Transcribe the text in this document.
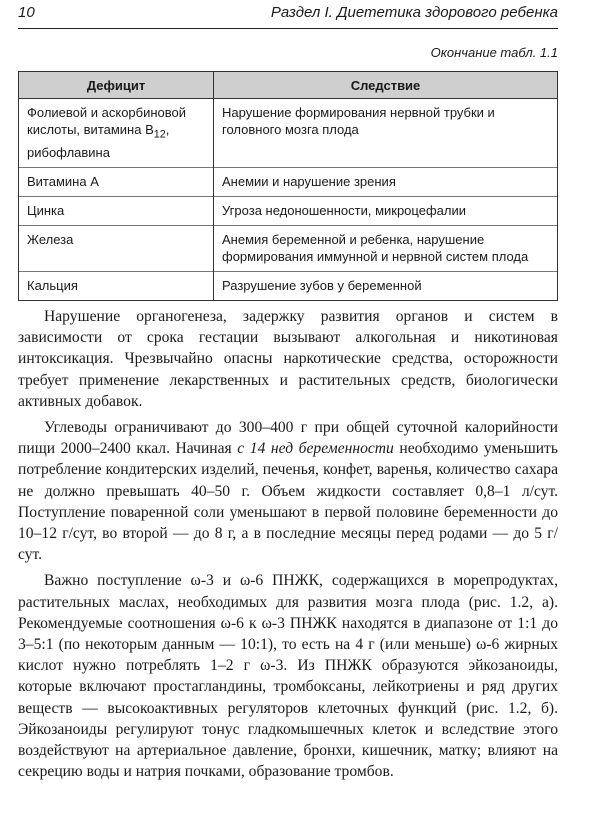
10	Раздел I. Диететика здорового ребенка
Окончание табл. 1.1
Дефицит	Следствие
Фолиевой и аскорбиновой кислоты, витамина $B_{12}$, рибофлавина	Нарушение формирования нервной трубки и головного мозга плода
Витамина А	Анемии и нарушение зрения
Цинка	Угроза недоношенности, микроцефалии
Железа	Анемия беременной и ребенка, нарушение формирования иммунной и нервной систем плода
Кальция	Разрушение зубов у беременной

Нарушение органогенеза, задержку развития органов и систем в зависимости от срока гестации вызывают алкогольная и никотиновая интоксикация. Чрезвычайно опасны наркотические средства, осторожности требует применение лекарственных и растительных средств, биологически активных добавок.

Углеводы ограничивают до 300–400 г при общей суточной калорийности пищи 2000–2400 ккал. Начиная с 14 нед беременности необходимо уменьшить потребление кондитерских изделий, печенья, конфет, варенья, количество сахара не должно превышать 40–50 г. Объем жидкости составляет 0,8–1 л/сут. Поступление поваренной соли уменьшают в первой половине беременности до 10–12 г/сут, во второй — до 8 г, а в последние месяцы перед родами — до 5 г/сут.

Важно поступление ω-3 и ω-6 ПНЖК, содержащихся в морепродуктах, растительных маслах, необходимых для развития мозга плода (рис. 1.2, а). Рекомендуемые соотношения ω-6 к ω-3 ПНЖК находятся в диапазоне от 1:1 до 3–5:1 (по некоторым данным — 10:1), то есть на 4 г (или меньше) ω-6 жирных кислот нужно потреблять 1–2 г ω-3. Из ПНЖК образуются эйкозаноиды, которые включают простагландины, тромбоксаны, лейкотриены и ряд других веществ — высокоактивных регуляторов клеточных функций (рис. 1.2, б). Эйкозаноиды регулируют тонус гладкомышечных клеток и вследствие этого воздействуют на артериальное давление, бронхи, кишечник, матку; влияют на секрецию воды и натрия почками, образование тромбов.
